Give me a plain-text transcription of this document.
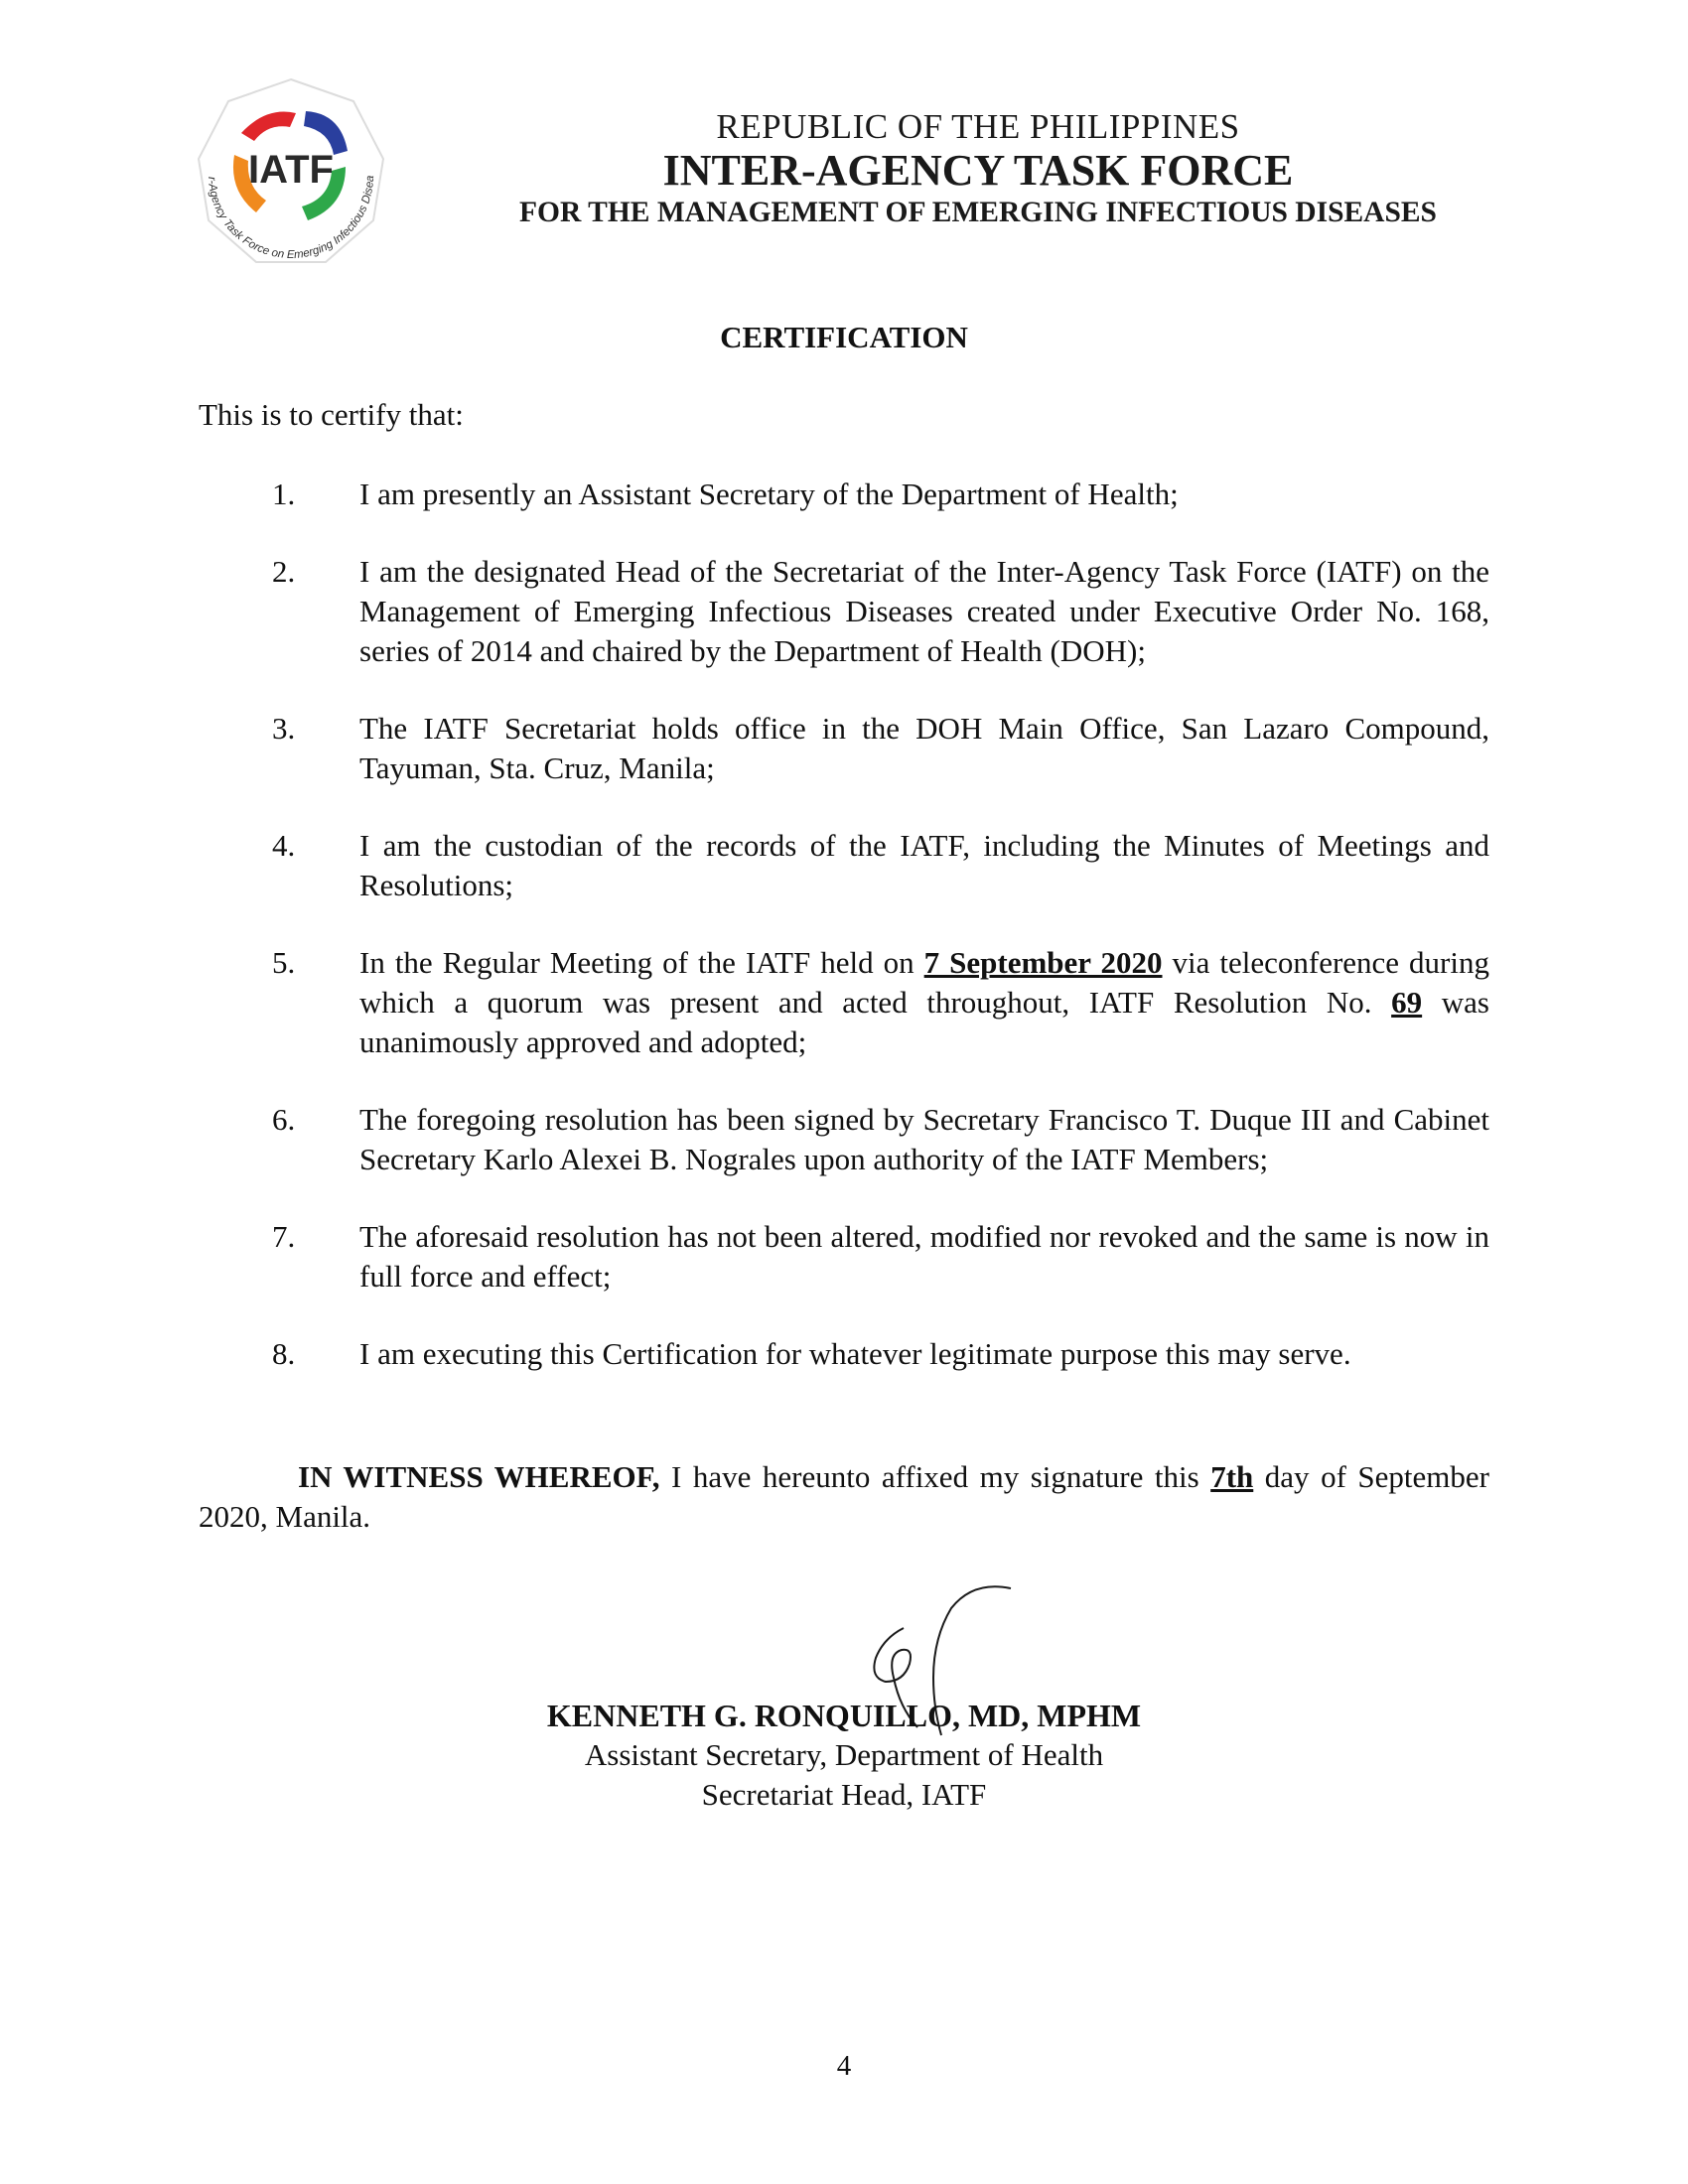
IATF
r-Agency Task Force on Emerging Infectious Disea
REPUBLIC OF THE PHILIPPINES
INTER-AGENCY TASK FORCE
FOR THE MANAGEMENT OF EMERGING INFECTIOUS DISEASES
CERTIFICATION
This is to certify that:
1.	I am presently an Assistant Secretary of the Department of Health;
2.	I am the designated Head of the Secretariat of the Inter-Agency Task Force (IATF) on the Management of Emerging Infectious Diseases created under Executive Order No. 168, series of 2014 and chaired by the Department of Health (DOH);
3.	The IATF Secretariat holds office in the DOH Main Office, San Lazaro Compound, Tayuman, Sta. Cruz, Manila;
4.	I am the custodian of the records of the IATF, including the Minutes of Meetings and Resolutions;
5.	In the Regular Meeting of the IATF held on 7 September 2020 via teleconference during which a quorum was present and acted throughout, IATF Resolution No. 69 was unanimously approved and adopted;
6.	The foregoing resolution has been signed by Secretary Francisco T. Duque III and Cabinet Secretary Karlo Alexei B. Nograles upon authority of the IATF Members;
7.	The aforesaid resolution has not been altered, modified nor revoked and the same is now in full force and effect;
8.	I am executing this Certification for whatever legitimate purpose this may serve.
IN WITNESS WHEREOF, I have hereunto affixed my signature this 7th day of September 2020, Manila.
KENNETH G. RONQUILLO, MD, MPHM
Assistant Secretary, Department of Health
Secretariat Head, IATF
4
